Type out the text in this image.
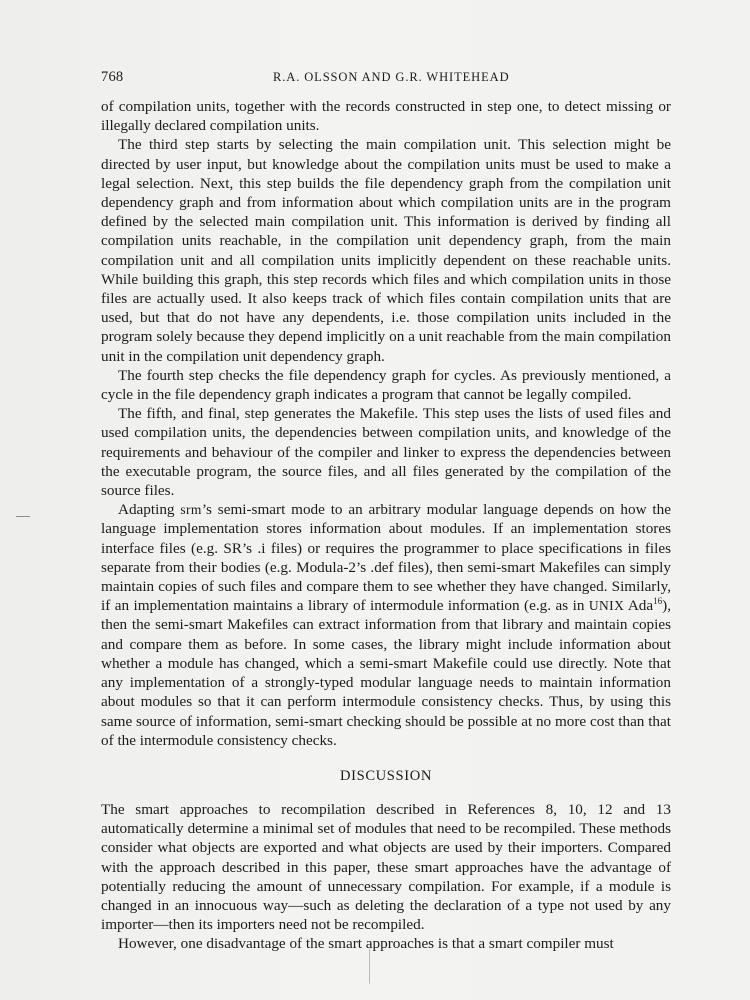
768	R.A. OLSSON AND G.R. WHITEHEAD

of compilation units, together with the records constructed in step one, to detect missing or illegally declared compilation units.

The third step starts by selecting the main compilation unit. This selection might be directed by user input, but knowledge about the compilation units must be used to make a legal selection. Next, this step builds the file dependency graph from the compilation unit dependency graph and from information about which compilation units are in the program defined by the selected main compilation unit. This information is derived by finding all compilation units reachable, in the compilation unit dependency graph, from the main compilation unit and all compilation units implicitly dependent on these reachable units. While building this graph, this step records which files and which compilation units in those files are actually used. It also keeps track of which files contain compilation units that are used, but that do not have any dependents, i.e. those compilation units included in the program solely because they depend implicitly on a unit reachable from the main compilation unit in the compilation unit dependency graph.

The fourth step checks the file dependency graph for cycles. As previously mentioned, a cycle in the file dependency graph indicates a program that cannot be legally compiled.

The fifth, and final, step generates the Makefile. This step uses the lists of used files and used compilation units, the dependencies between compilation units, and knowledge of the requirements and behaviour of the compiler and linker to express the dependencies between the executable program, the source files, and all files generated by the compilation of the source files.

Adapting srm’s semi-smart mode to an arbitrary modular language depends on how the language implementation stores information about modules. If an implementation stores interface files (e.g. SR’s .i files) or requires the programmer to place specifications in files separate from their bodies (e.g. Modula-2’s .def files), then semi-smart Makefiles can simply maintain copies of such files and compare them to see whether they have changed. Similarly, if an implementation maintains a library of intermodule information (e.g. as in UNIX Ada$^{16}$), then the semi-smart Makefiles can extract information from that library and maintain copies and compare them as before. In some cases, the library might include information about whether a module has changed, which a semi-smart Makefile could use directly. Note that any implementation of a strongly-typed modular language needs to maintain information about modules so that it can perform intermodule consistency checks. Thus, by using this same source of information, semi-smart checking should be possible at no more cost than that of the intermodule consistency checks.

DISCUSSION

The smart approaches to recompilation described in References 8, 10, 12 and 13 automatically determine a minimal set of modules that need to be recompiled. These methods consider what objects are exported and what objects are used by their importers. Compared with the approach described in this paper, these smart approaches have the advantage of potentially reducing the amount of unnecessary compilation. For example, if a module is changed in an innocuous way—such as deleting the declaration of a type not used by any importer—then its importers need not be recompiled.

However, one disadvantage of the smart approaches is that a smart compiler must
